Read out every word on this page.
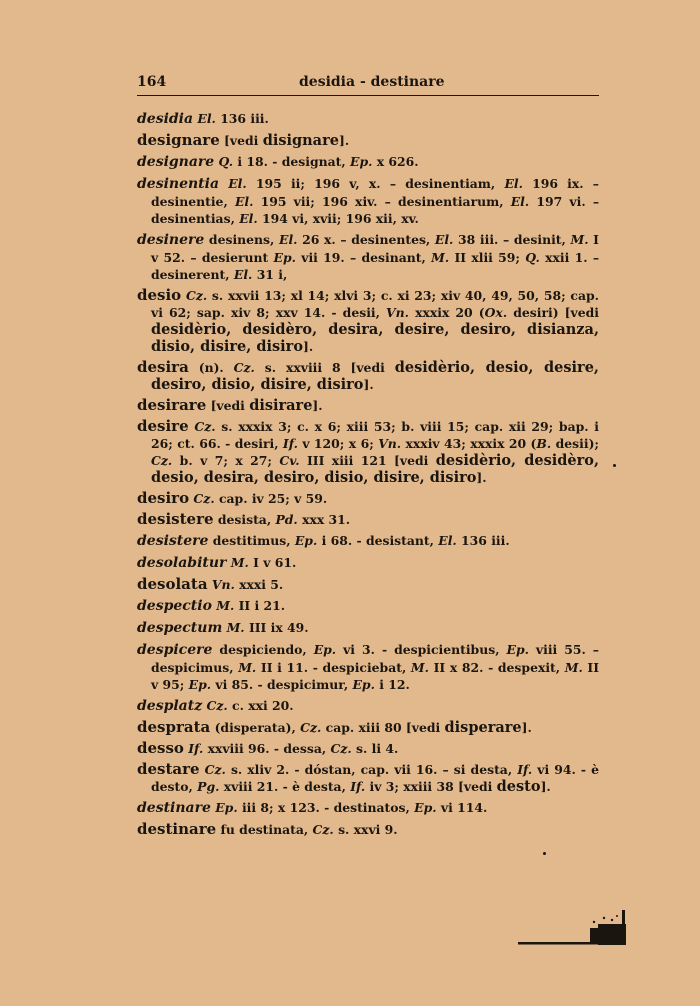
164	desidia - destinare

desidia El. 136 iii.

designare [vedi disignare].

designare Q. i 18. - designat, Ep. x 626.

desinentia El. 195 ii; 196 v, x. – desinentiam, El. 196 ix. – desinentie, El. 195 vii; 196 xiv. – desinentiarum, El. 197 vi. – desinentias, El. 194 vi, xvii; 196 xii, xv.

desinere desinens, El. 26 x. – desinentes, El. 38 iii. – desinit, M. I v 52. – desierunt Ep. vii 19. – desinant, M. II xlii 59; Q. xxii 1. – desinerent, El. 31 i,

desio Cz. s. xxvii 13; xl 14; xlvi 3; c. xi 23; xiv 40, 49, 50, 58; cap. vi 62; sap. xiv 8; xxv 14. - desii, Vn. xxxix 20 (Ox. desiri) [vedi desidèrio, desidèro, desira, desire, desiro, disianza, disio, disire, disiro].

desira (n). Cz. s. xxviii 8 [vedi desidèrio, desio, desire, desiro, disio, disire, disiro].

desirare [vedi disirare].

desire Cz. s. xxxix 3; c. x 6; xiii 53; b. viii 15; cap. xii 29; bap. i 26; ct. 66. - desiri, If. v 120; x 6; Vn. xxxiv 43; xxxix 20 (B. desii); Cz. b. v 7; x 27; Cv. III xiii 121 [vedi desidèrio, desidèro, desio, desira, desiro, disio, disire, disiro].

desiro Cz. cap. iv 25; v 59.

desistere desista, Pd. xxx 31.

desistere destitimus, Ep. i 68. - desistant, El. 136 iii.

desolabitur M. I v 61.

desolata Vn. xxxi 5.

despectio M. II i 21.

despectum M. III ix 49.

despicere despiciendo, Ep. vi 3. - despicientibus, Ep. viii 55. – despicimus, M. II i 11. - despiciebat, M. II x 82. - despexit, M. II v 95; Ep. vi 85. - despicimur, Ep. i 12.

desplatz Cz. c. xxi 20.

desprata (disperata), Cz. cap. xiii 80 [vedi disperare].

desso If. xxviii 96. - dessa, Cz. s. li 4.

destare Cz. s. xliv 2. - dóstan, cap. vii 16. – si desta, If. vi 94. - è desto, Pg. xviii 21. - è desta, If. iv 3; xxiii 38 [vedi desto].

destinare Ep. iii 8; x 123. - destinatos, Ep. vi 114.

destinare fu destinata, Cz. s. xxvi 9.
